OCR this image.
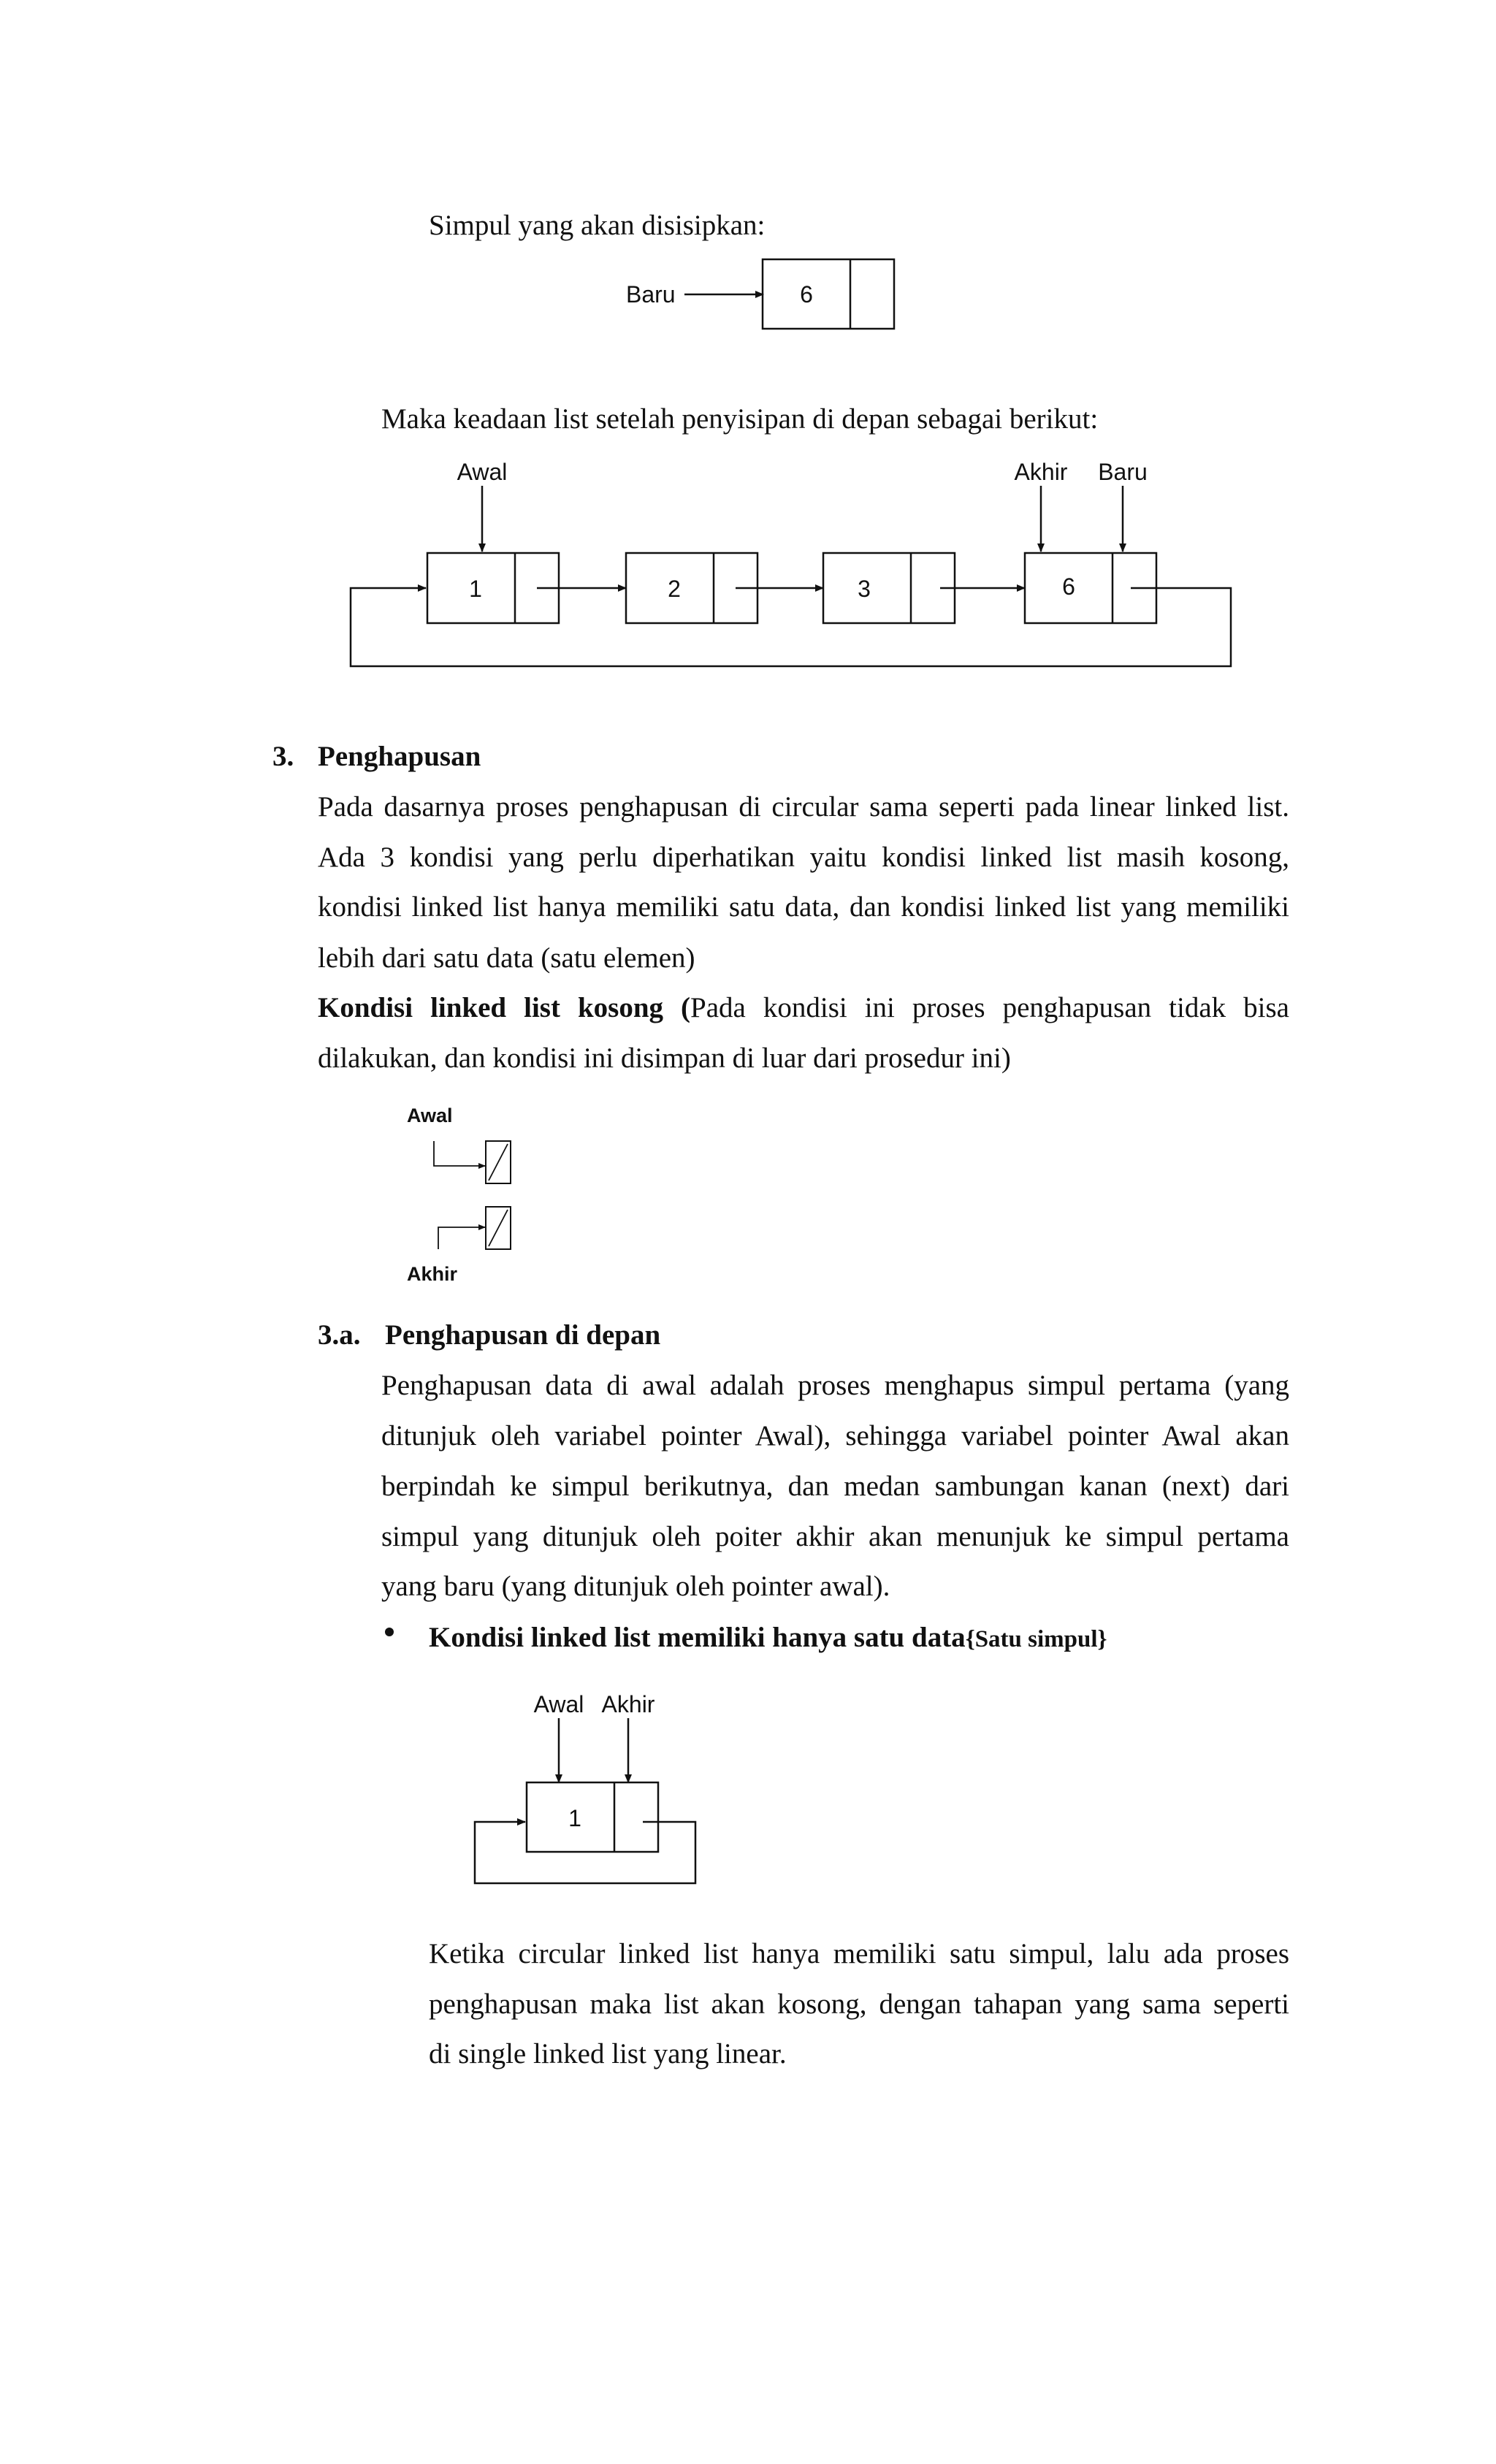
Simpul yang akan disisipkan:
Baru	6
Awal	Akhir Baru
1	2	3	6
Awal
Akhir
Awal Akhir
1
Maka keadaan list setelah penyisipan di depan sebagai berikut:
3. Penghapusan
Pada dasarnya proses penghapusan di circular sama seperti pada linear linked list.
Ada 3 kondisi yang perlu diperhatikan yaitu kondisi linked list masih kosong,
kondisi linked list hanya memiliki satu data, dan kondisi linked list yang memiliki
lebih dari satu data (satu elemen)
Kondisi linked list kosong (Pada kondisi ini proses penghapusan tidak bisa
dilakukan, dan kondisi ini disimpan di luar dari prosedur ini)
3.a. Penghapusan di depan
Penghapusan data di awal adalah proses menghapus simpul pertama (yang
ditunjuk oleh variabel pointer Awal), sehingga variabel pointer Awal akan
berpindah ke simpul berikutnya, dan medan sambungan kanan (next) dari
simpul yang ditunjuk oleh poiter akhir akan menunjuk ke simpul pertama
yang baru (yang ditunjuk oleh pointer awal).
Kondisi linked list memiliki hanya satu data{Satu simpul}
Ketika circular linked list hanya memiliki satu simpul, lalu ada proses
penghapusan maka list akan kosong, dengan tahapan yang sama seperti
di single linked list yang linear.
